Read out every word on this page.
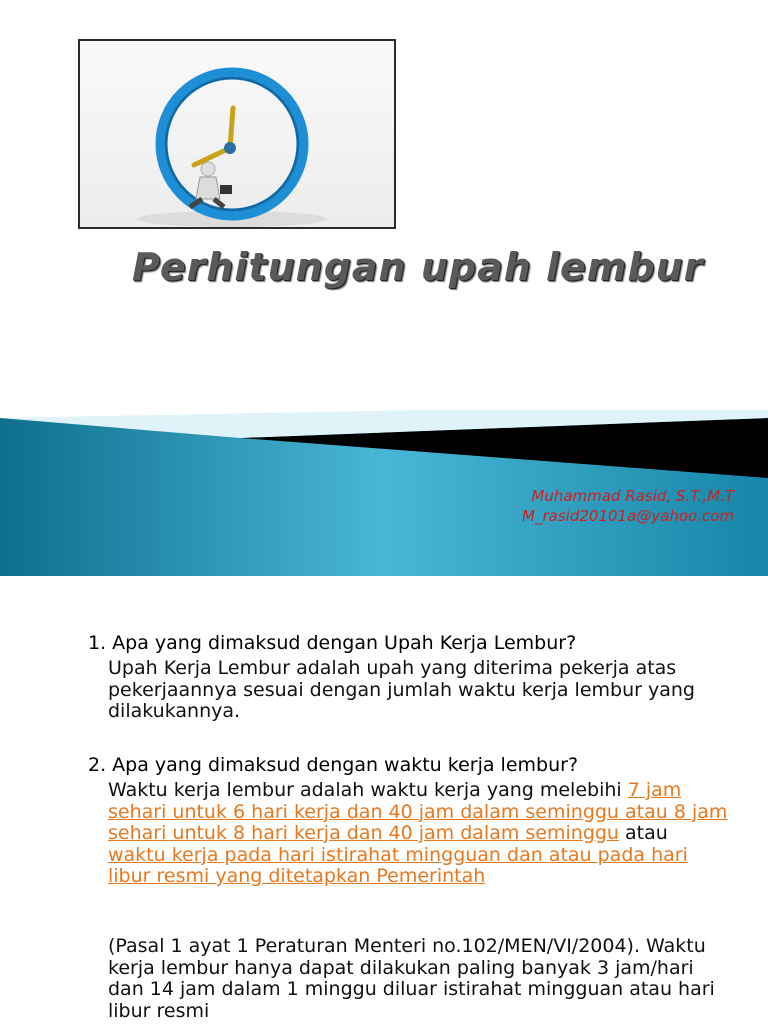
Perhitungan upah lembur
Muhammad Rasid, S.T.,M.T
M_rasid20101a@yahoo.com
1. Apa yang dimaksud dengan Upah Kerja Lembur?

Upah Kerja Lembur adalah upah yang diterima pekerja atas pekerjaannya sesuai dengan jumlah waktu kerja lembur yang dilakukannya.

2. Apa yang dimaksud dengan waktu kerja lembur?

Waktu kerja lembur adalah waktu kerja yang melebihi 7 jam sehari untuk 6 hari kerja dan 40 jam dalam seminggu atau 8 jam sehari untuk 8 hari kerja dan 40 jam dalam seminggu atau waktu kerja pada hari istirahat mingguan dan atau pada hari libur resmi yang ditetapkan Pemerintah

(Pasal 1 ayat 1 Peraturan Menteri no.102/MEN/VI/2004). Waktu kerja lembur hanya dapat dilakukan paling banyak 3 jam/hari dan 14 jam dalam 1 minggu diluar istirahat mingguan atau hari libur resmi
